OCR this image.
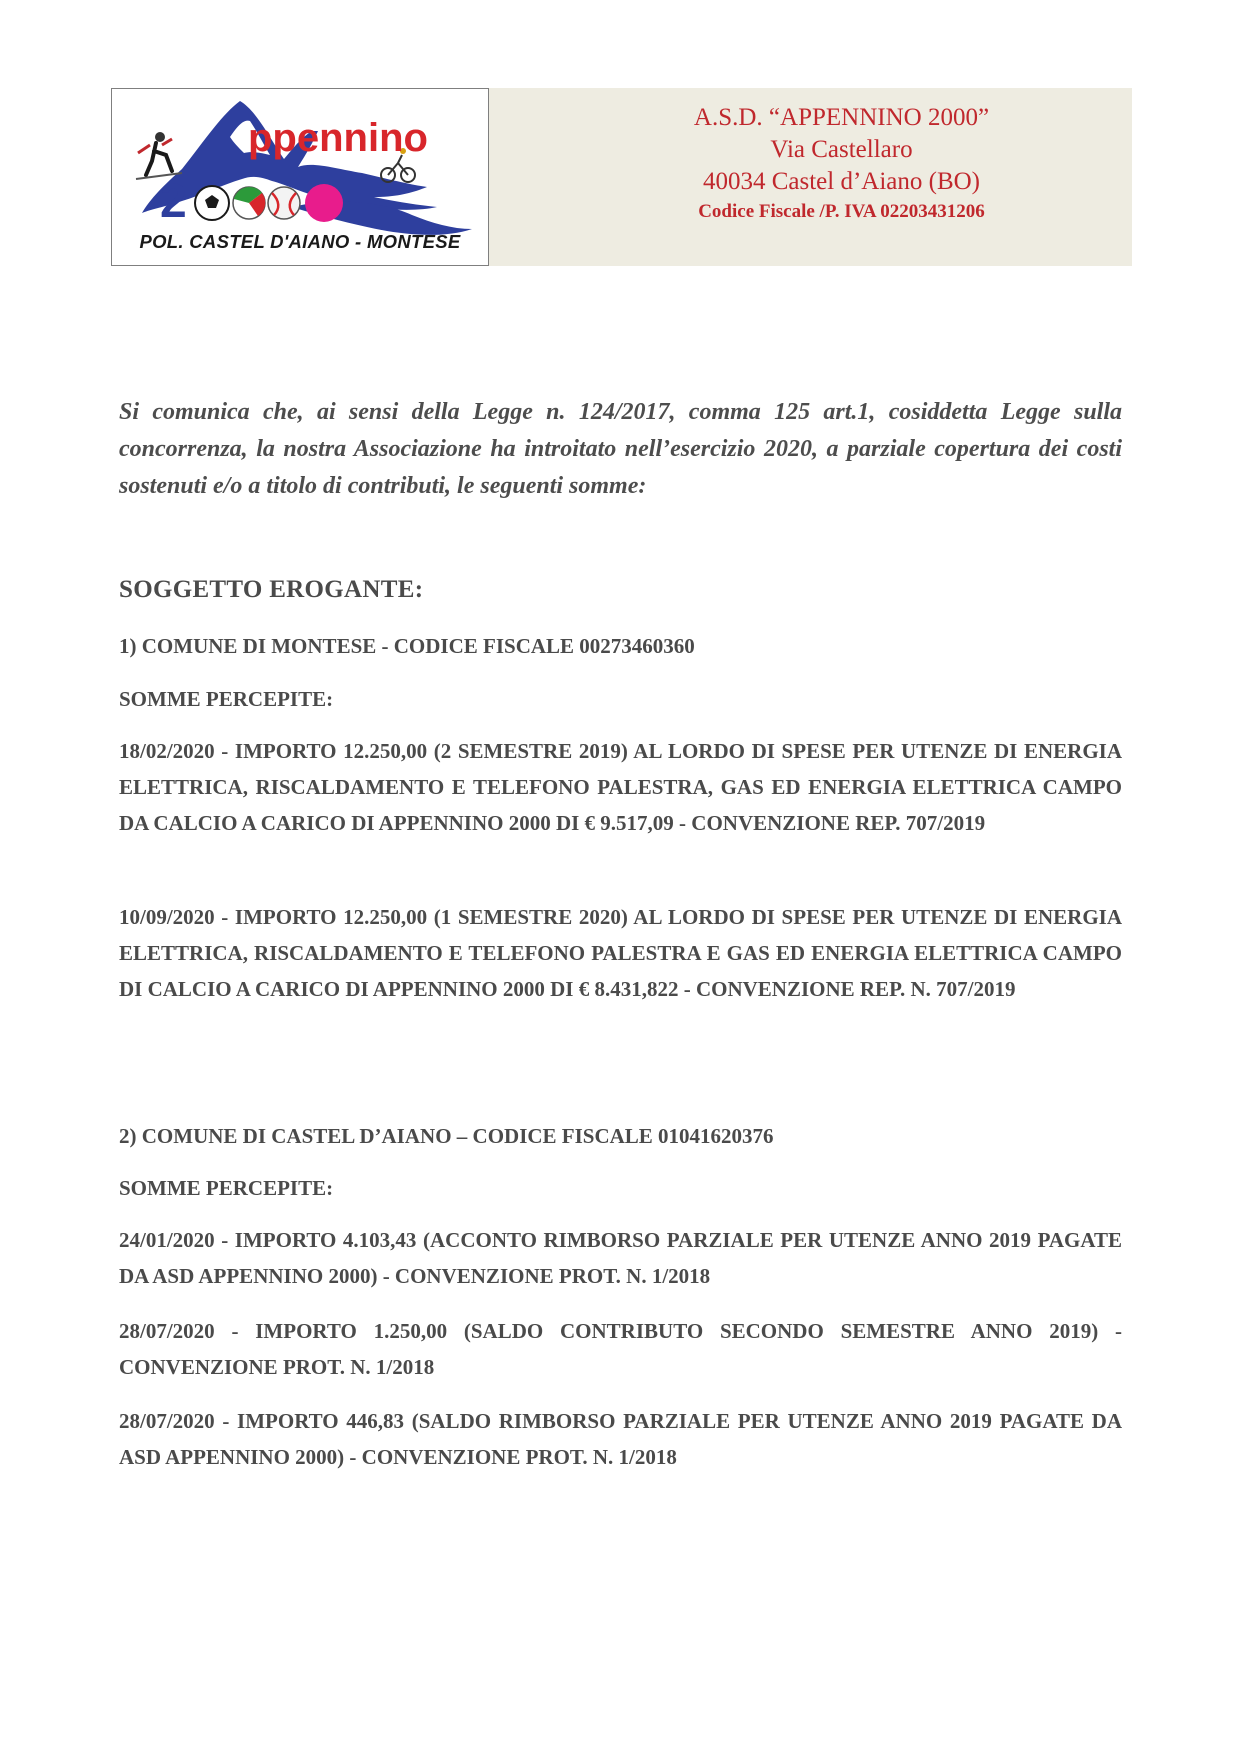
2
ppennino
POL. CASTEL D'AIANO - MONTESE
A.S.D. “APPENNINO 2000”
Via Castellaro
40034 Castel d’Aiano (BO)
Codice Fiscale /P. IVA 02203431206
Si comunica che, ai sensi della Legge n. 124/2017, comma 125 art.1, cosiddetta Legge sulla concorrenza, la nostra Associazione ha introitato nell’esercizio 2020, a parziale copertura dei costi sostenuti e/o a titolo di contributi, le seguenti somme:
SOGGETTO EROGANTE:
1) COMUNE DI MONTESE - CODICE FISCALE 00273460360
SOMME PERCEPITE:
18/02/2020 - IMPORTO 12.250,00 (2 SEMESTRE 2019) AL LORDO DI SPESE PER UTENZE DI ENERGIA ELETTRICA, RISCALDAMENTO E TELEFONO PALESTRA, GAS ED ENERGIA ELETTRICA CAMPO DA CALCIO A CARICO DI APPENNINO 2000 DI € 9.517,09 - CONVENZIONE REP. 707/2019
10/09/2020 - IMPORTO 12.250,00 (1 SEMESTRE 2020) AL LORDO DI SPESE PER UTENZE DI ENERGIA ELETTRICA, RISCALDAMENTO E TELEFONO PALESTRA E GAS ED ENERGIA ELETTRICA CAMPO DI CALCIO A CARICO DI APPENNINO 2000 DI € 8.431,822 - CONVENZIONE REP. N. 707/2019
2) COMUNE DI CASTEL D’AIANO – CODICE FISCALE 01041620376
SOMME PERCEPITE:
24/01/2020 - IMPORTO 4.103,43 (ACCONTO RIMBORSO PARZIALE PER UTENZE ANNO 2019 PAGATE DA ASD APPENNINO 2000) - CONVENZIONE PROT. N. 1/2018
28/07/2020 - IMPORTO 1.250,00 (SALDO CONTRIBUTO SECONDO SEMESTRE ANNO 2019) - CONVENZIONE PROT. N. 1/2018
28/07/2020 - IMPORTO 446,83 (SALDO RIMBORSO PARZIALE PER UTENZE ANNO 2019 PAGATE DA ASD APPENNINO 2000) - CONVENZIONE PROT. N. 1/2018
